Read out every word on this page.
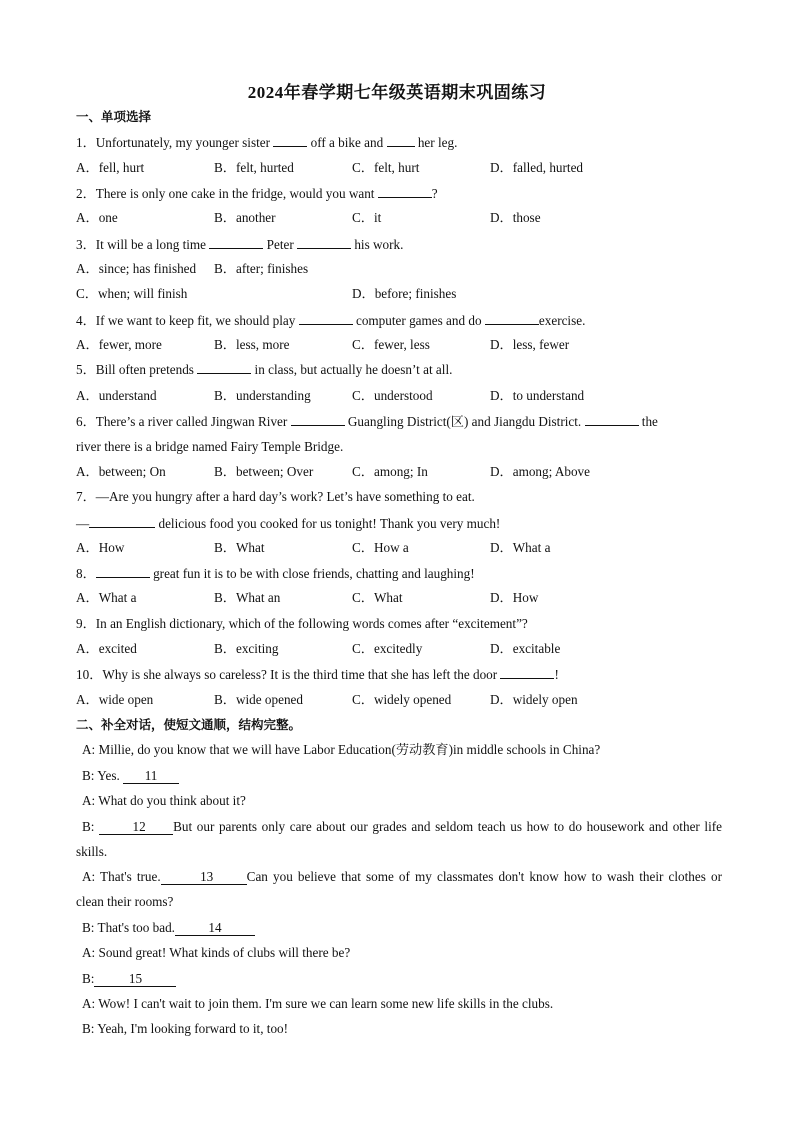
2024年春学期七年级英语期末巩固练习
一、单项选择
1．Unfortunately, my younger sister	off a bike and	her leg.
A．fell, hurt	B．felt, hurted	C．felt, hurt	D．falled, hurted
2．There is only one cake in the fridge, would you want	?
A．one	B．another	C．it	D．those
3．It will be a long time	Peter	his work.
A．since; has finished B．after; finishes
C．when; will finish	D．before; finishes
4．If we want to keep fit, we should play	computer games and do	exercise.
A．fewer, more	B．less, more	C．fewer, less	D．less, fewer
5．Bill often pretends	in class, but actually he doesn’t at all.
A．understand	B．understanding	C．understood	D．to understand
6．There’s a river called Jingwan River	Guangling District(区) and Jiangdu District.	the
river there is a bridge named Fairy Temple Bridge.
A．between; On	B．between; Over	C．among; In	D．among; Above
7．—Are you hungry after a hard day’s work? Let’s have something to eat.
—	delicious food you cooked for us tonight! Thank you very much!
A．How	B．What	C．How a	D．What a
8．	great fun it is to be with close friends, chatting and laughing!
A．What a	B．What an	C．What	D．How
9．In an English dictionary, which of the following words comes after “excitement”?
A．excited	B．exciting	C．excitedly	D．excitable
10．Why is she always so careless? It is the third time that she has left the door	!
A．wide open	B．wide opened	C．widely opened	D．widely open
二、补全对话，使短文通顺，结构完整。
A: Millie, do you know that we will have Labor Education(劳动教育)in middle schools in China?
B: Yes. 11
A: What do you think about it?
B:	12 But our parents only care about our grades and seldom teach us how to do housework and other life skills.
A: That's true.	13	Can you believe that some of my classmates don't know how to wash their clothes or clean their rooms?
B: That's too bad.	14
A: Sound great! What kinds of clubs will there be?
B:	15
A: Wow! I can't wait to join them. I'm sure we can learn some new life skills in the clubs.
B: Yeah, I'm looking forward to it, too!
